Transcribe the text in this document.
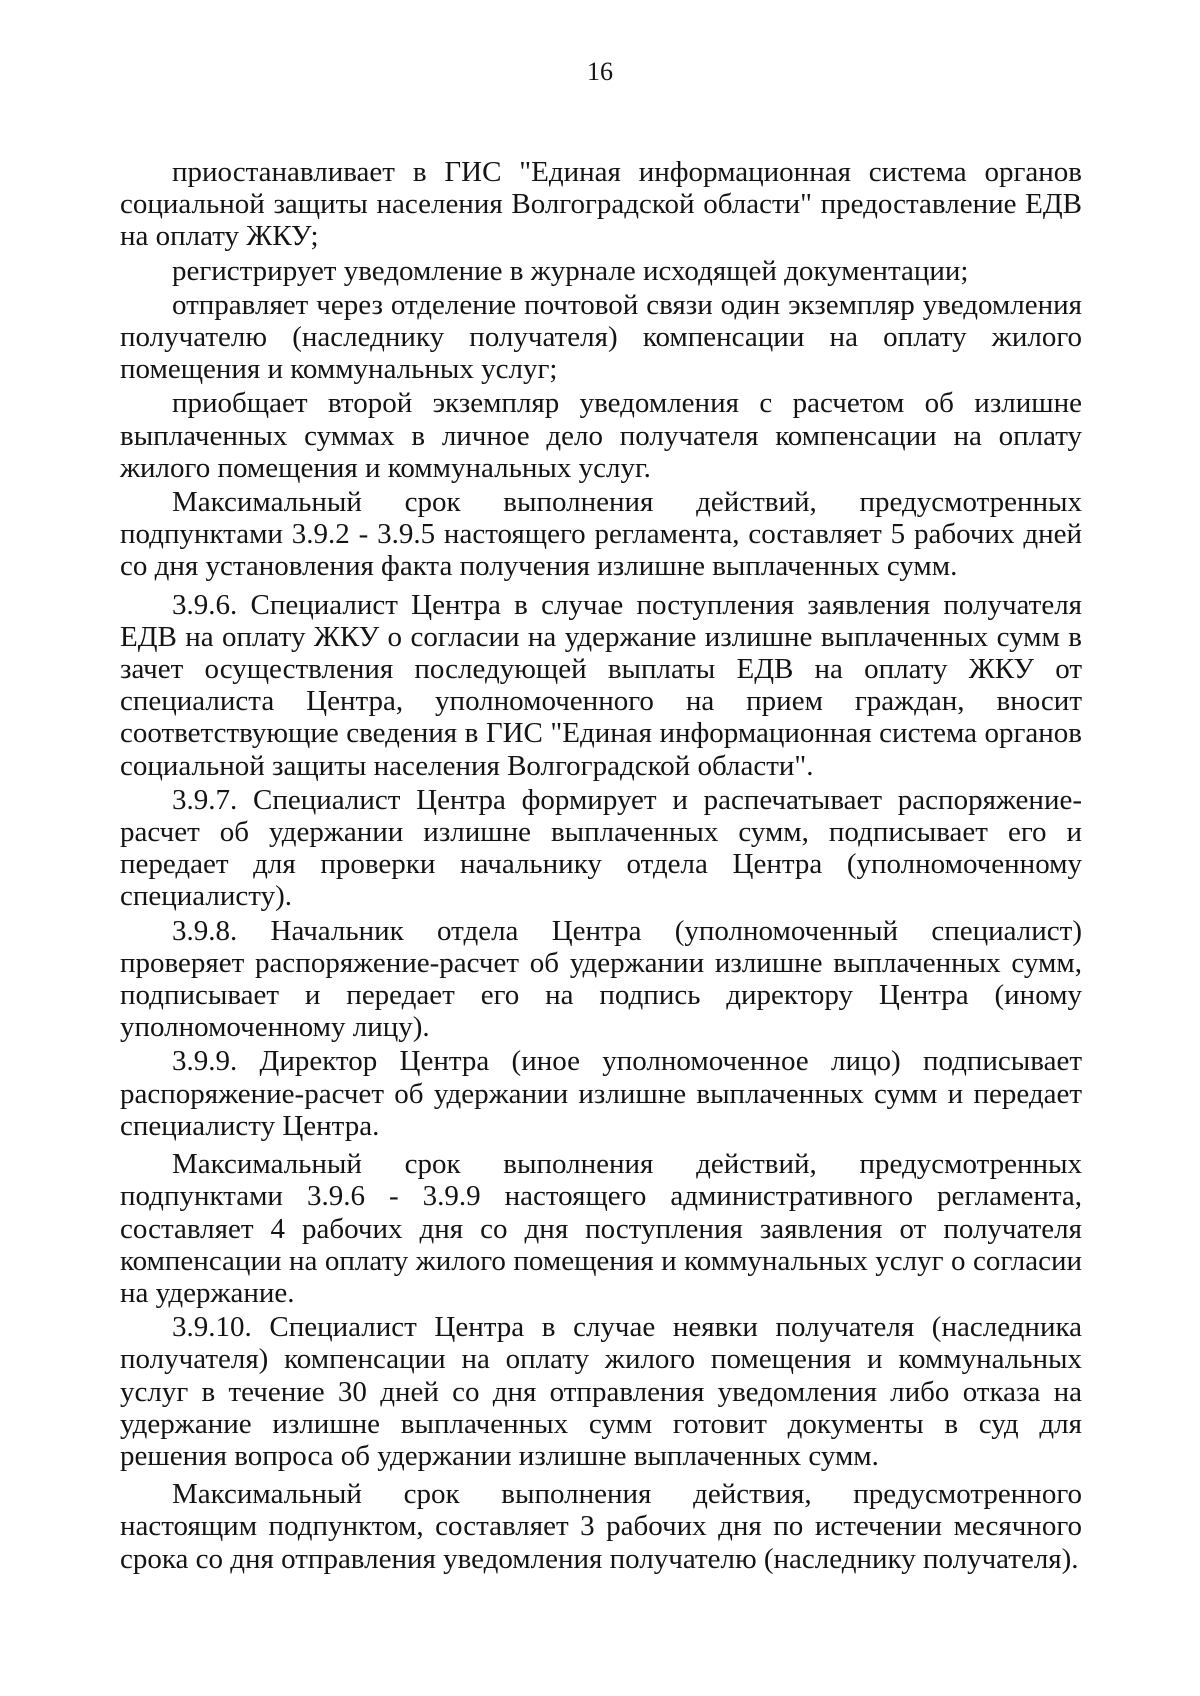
16

приостанавливает в ГИС "Единая информационная система органов социальной защиты населения Волгоградской области" предоставление ЕДВ на оплату ЖКУ;

регистрирует уведомление в журнале исходящей документации;

отправляет через отделение почтовой связи один экземпляр уведомления получателю (наследнику получателя) компенсации на оплату жилого помещения и коммунальных услуг;

приобщает второй экземпляр уведомления с расчетом об излишне выплаченных суммах в личное дело получателя компенсации на оплату жилого помещения и коммунальных услуг.

Максимальный срок выполнения действий, предусмотренных подпунктами 3.9.2 - 3.9.5 настоящего регламента, составляет 5 рабочих дней со дня установления факта получения излишне выплаченных сумм.

3.9.6. Специалист Центра в случае поступления заявления получателя ЕДВ на оплату ЖКУ о согласии на удержание излишне выплаченных сумм в зачет осуществления последующей выплаты ЕДВ на оплату ЖКУ от специалиста Центра, уполномоченного на прием граждан, вносит соответствующие сведения в ГИС "Единая информационная система органов социальной защиты населения Волгоградской области".

3.9.7. Специалист Центра формирует и распечатывает распоряжение-расчет об удержании излишне выплаченных сумм, подписывает его и передает для проверки начальнику отдела Центра (уполномоченному специалисту).

3.9.8. Начальник отдела Центра (уполномоченный специалист) проверяет распоряжение-расчет об удержании излишне выплаченных сумм, подписывает и передает его на подпись директору Центра (иному уполномоченному лицу).

3.9.9. Директор Центра (иное уполномоченное лицо) подписывает распоряжение-расчет об удержании излишне выплаченных сумм и передает специалисту Центра.

Максимальный срок выполнения действий, предусмотренных подпунктами 3.9.6 - 3.9.9 настоящего административного регламента, составляет 4 рабочих дня со дня поступления заявления от получателя компенсации на оплату жилого помещения и коммунальных услуг о согласии на удержание.

3.9.10. Специалист Центра в случае неявки получателя (наследника получателя) компенсации на оплату жилого помещения и коммунальных услуг в течение 30 дней со дня отправления уведомления либо отказа на удержание излишне выплаченных сумм готовит документы в суд для решения вопроса об удержании излишне выплаченных сумм.

Максимальный срок выполнения действия, предусмотренного настоящим подпунктом, составляет 3 рабочих дня по истечении месячного срока со дня отправления уведомления получателю (наследнику получателя).
